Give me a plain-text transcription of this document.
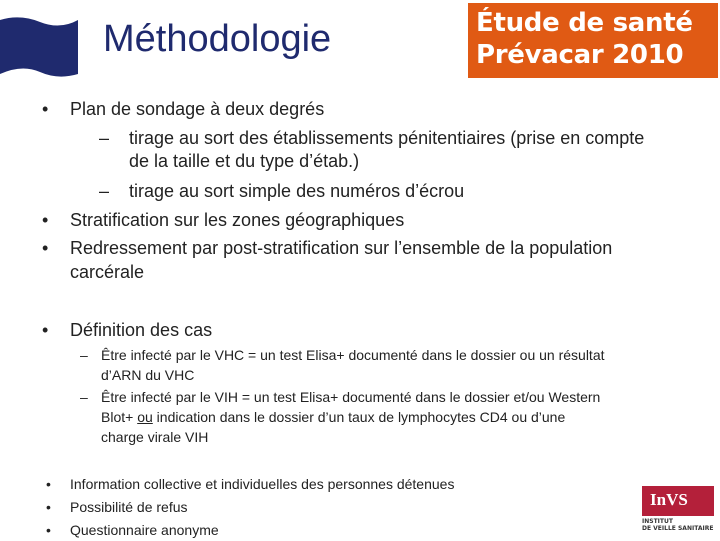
Méthodologie	Étude de santé
Prévacar 2010
• Plan de sondage à deux degrés
– tirage au sort des établissements pénitentiaires (prise en compte
de la taille et du type d’étab.)
– tirage au sort simple des numéros d’écrou
• Stratification sur les zones géographiques
• Redressement par post-stratification sur l’ensemble de la population
carcérale
• Définition des cas
– Être infecté par le VHC = un test Elisa+ documenté dans le dossier ou un résultat
d’ARN du VHC
– Être infecté par le VIH = un test Elisa+ documenté dans le dossier et/ou Western
Blot+ ou indication dans le dossier d’un taux de lymphocytes CD4 ou d’une
charge virale VIH
• Information collective et individuelles des personnes détenues
• Possibilité de refus
• Questionnaire anonyme
InVS
INSTITUT
DE VEILLE SANITAIRE
